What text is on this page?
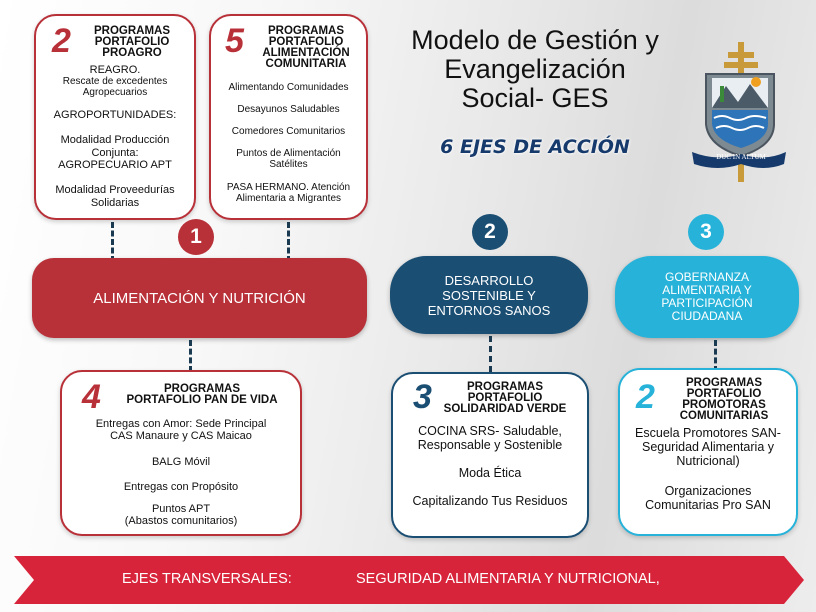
Modelo de Gestión y
Evangelización
Social- GES
6 EJES DE ACCIÓN	DUC IN ALTUM
2	PROGRAMAS
PORTAFOLIO
PROAGRO
REAGRO.
Rescate de excedentes Agropecuarios
AGROPORTUNIDADES:
Modalidad Producción Conjunta:
AGROPECUARIO APT
Modalidad Proveedurías Solidarias
5	PROGRAMAS
PORTAFOLIO
ALIMENTACIÓN
COMUNITARIA
Alimentando Comunidades
Desayunos Saludables
Comedores Comunitarios
Puntos de Alimentación
Satélites
PASA HERMANO. Atención
Alimentaria a Migrantes
1	2	3
ALIMENTACIÓN Y NUTRICIÓN
DESARROLLO SOSTENIBLE Y ENTORNOS SANOS
GOBERNANZA ALIMENTARIA Y PARTICIPACIÓN CIUDADANA
4	PROGRAMAS
PORTAFOLIO PAN DE VIDA
Entregas con Amor: Sede Principal
CAS Manaure y CAS Maicao
BALG Móvil
Entregas con Propósito
Puntos APT
(Abastos comunitarios)
3	PROGRAMAS
PORTAFOLIO
SOLIDARIDAD VERDE
COCINA SRS- Saludable,
Responsable y Sostenible
Moda Ética
Capitalizando Tus Residuos
2	PROGRAMAS
PORTAFOLIO
PROMOTORAS
COMUNITARIAS
Escuela Promotores SAN-
Seguridad Alimentaria y
Nutricional)
Organizaciones
Comunitarias Pro SAN
EJES TRANSVERSALES:	SEGURIDAD ALIMENTARIA Y NUTRICIONAL,
